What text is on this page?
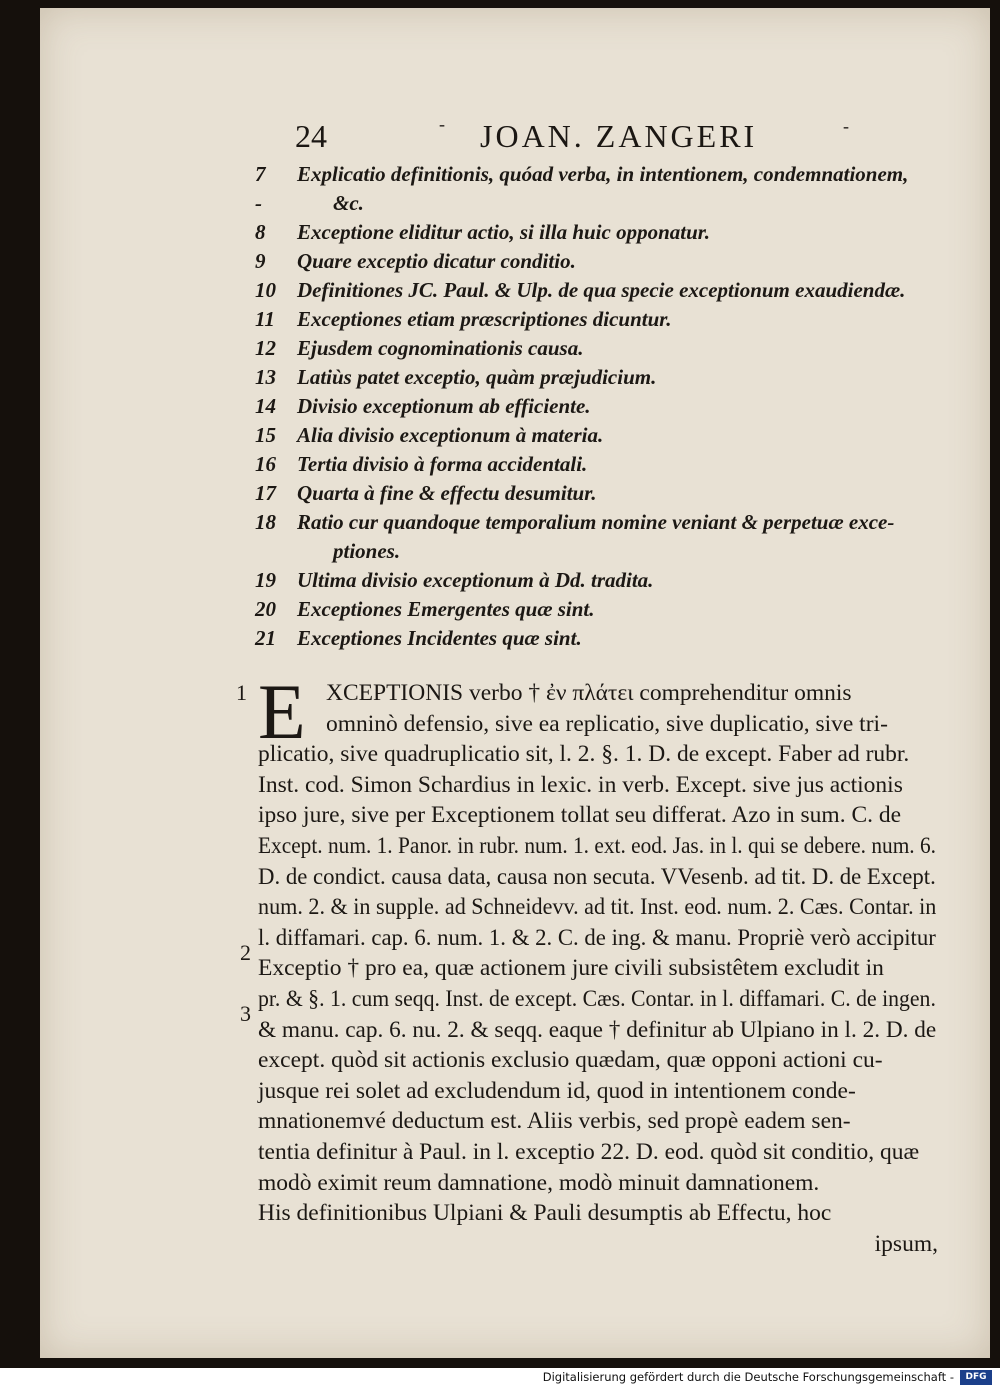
24	- JOAN. ZANGERI	-
7	Explicatio definitionis, quóad verba, in intentionem, condemnationem,
-	&c.
8	Exceptione eliditur actio, si illa huic opponatur.
9	Quare exceptio dicatur conditio.
10	Definitiones JC. Paul. & Ulp. de qua specie exceptionum exaudiendæ.
11	Exceptiones etiam præscriptiones dicuntur.
12	Ejusdem cognominationis causa.
13	Latiùs patet exceptio, quàm præjudicium.
14	Divisio exceptionum ab efficiente.
15	Alia divisio exceptionum à materia.
16	Tertia divisio à forma accidentali.
17	Quarta à fine & effectu desumitur.
18	Ratio cur quandoque temporalium nomine veniant & perpetuæ exce-
ptiones.
19	Ultima divisio exceptionum à Dd. tradita.
20	Exceptiones Emergentes quæ sint.
21	Exceptiones Incidentes quæ sint.
E XCEPTIONIS verbo † ἐν πλάτει comprehenditur omnis
omninò defensio, sive ea replicatio, sive duplicatio, sive tri-
plicatio, sive quadruplicatio sit, l. 2. §. 1. D. de except. Faber ad rubr.
Inst. cod. Simon Schardius in lexic. in verb. Except. sive jus actionis
ipso jure, sive per Exceptionem tollat seu differat. Azo in sum. C. de
Except. num. 1. Panor. in rubr. num. 1. ext. eod. Jas. in l. qui se debere. num. 6.
D. de condict. causa data, causa non secuta. VVesenb. ad tit. D. de Except.
num. 2. & in supple. ad Schneidevv. ad tit. Inst. eod. num. 2. Cæs. Contar. in
l. diffamari. cap. 6. num. 1. & 2. C. de ing. & manu. Propriè verò accipitur
Exceptio † pro ea, quæ actionem jure civili subsistêtem excludit in
pr. & §. 1. cum seqq. Inst. de except. Cæs. Contar. in l. diffamari. C. de ingen.
& manu. cap. 6. nu. 2. & seqq. eaque † definitur ab Ulpiano in l. 2. D. de
except. quòd sit actionis exclusio quædam, quæ opponi actioni cu-
jusque rei solet ad excludendum id, quod in intentionem conde-
mnationemvé deductum est. Aliis verbis, sed propè eadem sen-
tentia definitur à Paul. in l. exceptio 22. D. eod. quòd sit conditio, quæ
modò eximit reum damnatione, modò minuit damnationem.
His definitionibus Ulpiani & Pauli desumptis ab Effectu, hoc
ipsum,
1
2
3
Digitalisierung gefördert durch die Deutsche Forschungsgemeinschaft -	DFG
